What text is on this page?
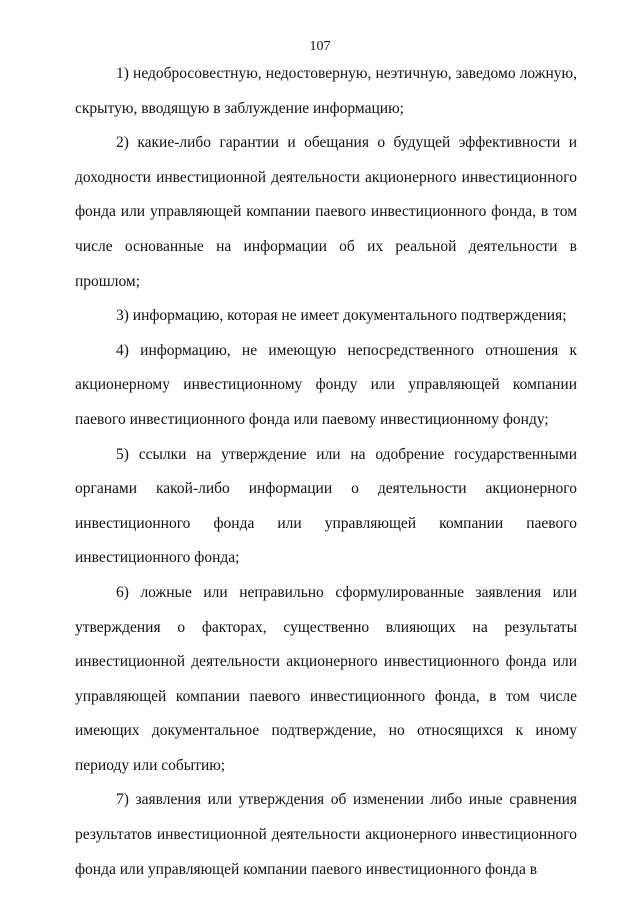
107

1) недобросовестную, недостоверную, неэтичную, заведомо ложную, скрытую, вводящую в заблуждение информацию;

2) какие-либо гарантии и обещания о будущей эффективности и доходности инвестиционной деятельности акционерного инвестиционного фонда или управляющей компании паевого инвестиционного фонда, в том числе основанные на информации об их реальной деятельности в прошлом;

3) информацию, которая не имеет документального подтверждения;

4) информацию, не имеющую непосредственного отношения к акционерному инвестиционному фонду или управляющей компании паевого инвестиционного фонда или паевому инвестиционному фонду;

5) ссылки на утверждение или на одобрение государственными органами какой-либо информации о деятельности акционерного инвестиционного фонда или управляющей компании паевого инвестиционного фонда;

6) ложные или неправильно сформулированные заявления или утверждения о факторах, существенно влияющих на результаты инвестиционной деятельности акционерного инвестиционного фонда или управляющей компании паевого инвестиционного фонда, в том числе имеющих документальное подтверждение, но относящихся к иному периоду или событию;

7) заявления или утверждения об изменении либо иные сравнения результатов инвестиционной деятельности акционерного инвестиционного фонда или управляющей компании паевого инвестиционного фонда в
